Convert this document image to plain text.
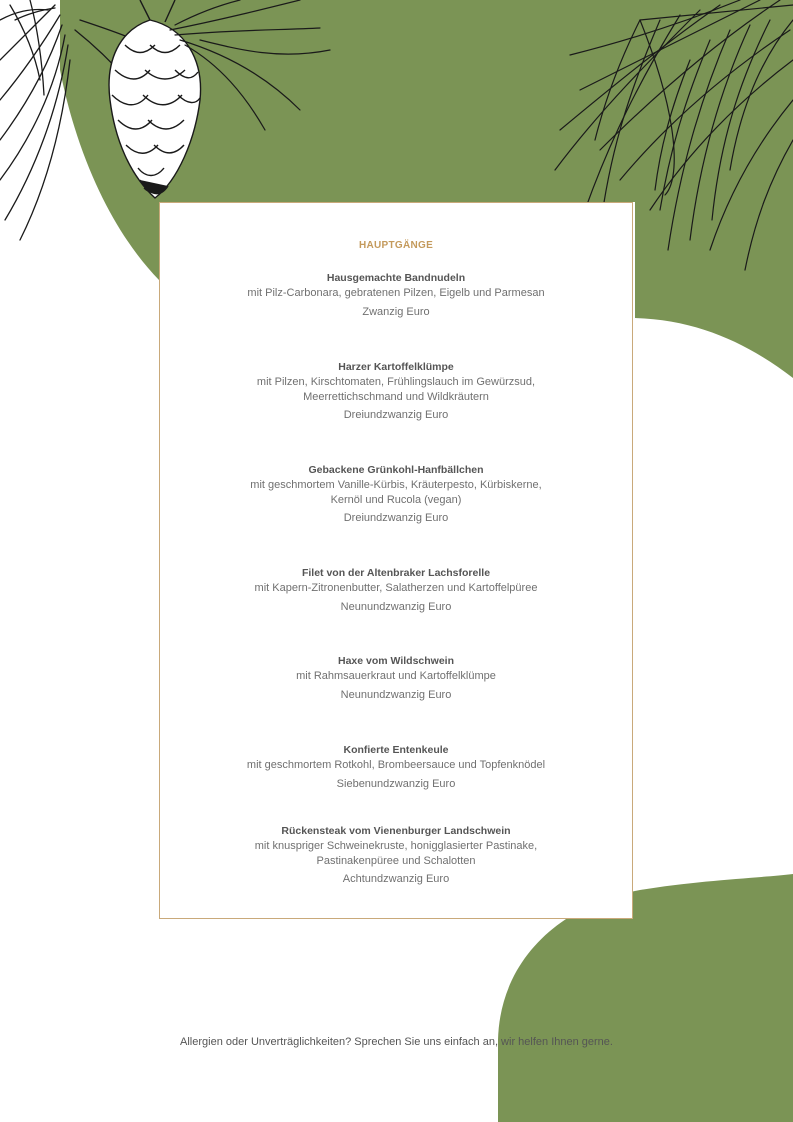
HAUPTGÄNGE
Hausgemachte Bandnudeln
mit Pilz-Carbonara, gebratenen Pilzen, Eigelb und Parmesan
Zwanzig Euro
Harzer Kartoffelklümpe
mit Pilzen, Kirschtomaten, Frühlingslauch im Gewürzsud,
Meerrettichschmand und Wildkräutern
Dreiundzwanzig Euro
Gebackene Grünkohl-Hanfbällchen
mit geschmortem Vanille-Kürbis, Kräuterpesto, Kürbiskerne,
Kernöl und Rucola (vegan)
Dreiundzwanzig Euro
Filet von der Altenbraker Lachsforelle
mit Kapern-Zitronenbutter, Salatherzen und Kartoffelpüree
Neunundzwanzig Euro
Haxe vom Wildschwein
mit Rahmsauerkraut und Kartoffelklümpe
Neunundzwanzig Euro
Konfierte Entenkeule
mit geschmortem Rotkohl, Brombeersauce und Topfenknödel
Siebenundzwanzig Euro
Rückensteak vom Vienenburger Landschwein
mit knuspriger Schweinekruste, honigglasierter Pastinake,
Pastinakenpüree und Schalotten
Achtundzwanzig Euro
Allergien oder Unverträglichkeiten? Sprechen Sie uns einfach an, wir helfen Ihnen gerne.
